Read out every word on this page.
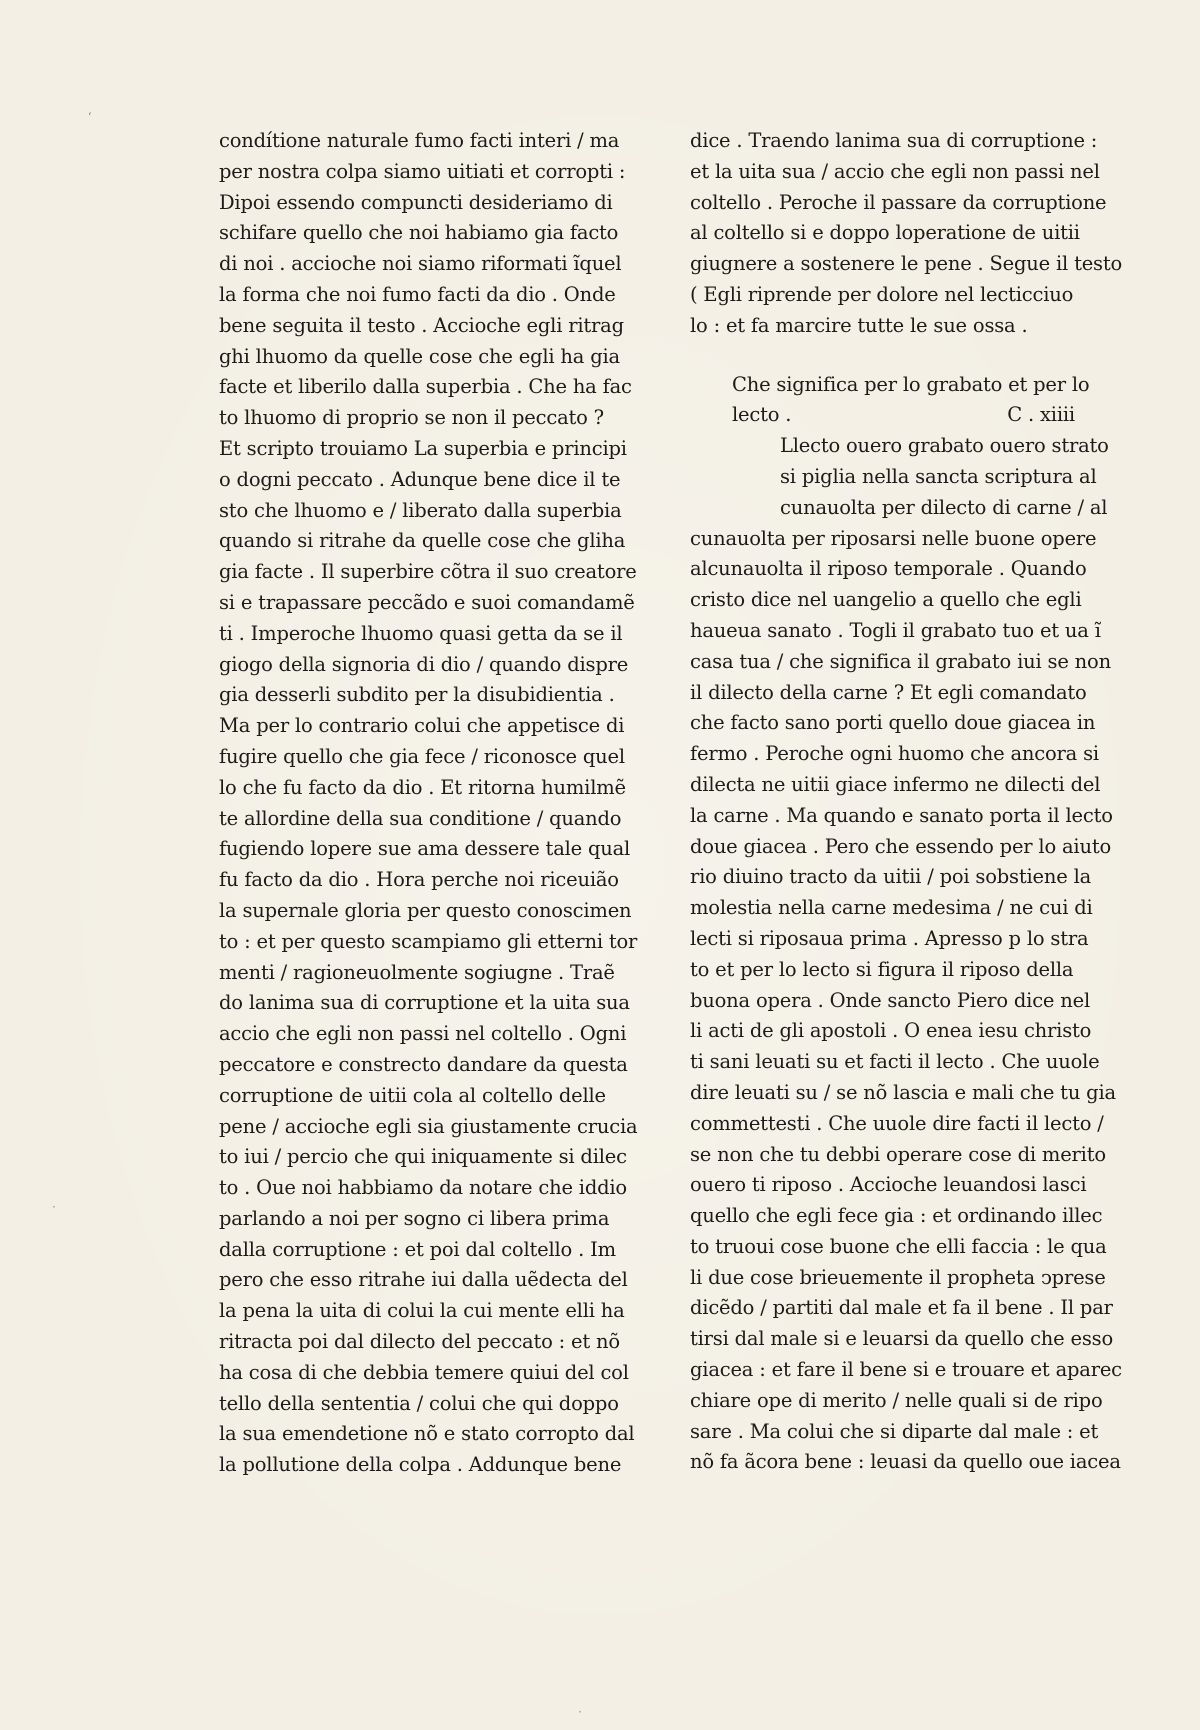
condítione naturale fumo facti interi / ma
per nostra colpa siamo uitiati et corropti :
Dipoi essendo compuncti desideriamo di
schifare quello che noi habiamo gia facto
di noi . accioche noi siamo riformati ĩquel
la forma che noi fumo facti da dio . Onde
bene seguita il testo . Accioche egli ritrag
ghi lhuomo da quelle cose che egli ha gia
facte et liberilo dalla superbia . Che ha fac
to lhuomo di proprio se non il peccato ?
Et scripto trouiamo La superbia e principi
o dogni peccato . Adunque bene dice il te
sto che lhuomo e / liberato dalla superbia
quando si ritrahe da quelle cose che gliha
gia facte . Il superbire cõtra il suo creatore
si e trapassare peccãdo e suoi comandamẽ
ti . Imperoche lhuomo quasi getta da se il
giogo della signoria di dio / quando dispre
gia desserli subdito per la disubidientia .
Ma per lo contrario colui che appetisce di
fugire quello che gia fece / riconosce quel
lo che fu facto da dio . Et ritorna humilmẽ
te allordine della sua conditione / quando
fugiendo lopere sue ama dessere tale qual
fu facto da dio . Hora perche noi riceuião
la supernale gloria per questo conoscimen
to : et per questo scampiamo gli etterni tor
menti / ragioneuolmente sogiugne . Traẽ
do lanima sua di corruptione et la uita sua
accio che egli non passi nel coltello . Ogni
peccatore e constrecto dandare da questa
corruptione de uitii cola al coltello delle
pene / accioche egli sia giustamente crucia
to iui / percio che qui iniquamente si dilec
to . Oue noi habbiamo da notare che iddio
parlando a noi per sogno ci libera prima
dalla corruptione : et poi dal coltello . Im
pero che esso ritrahe iui dalla uẽdecta del
la pena la uita di colui la cui mente elli ha
ritracta poi dal dilecto del peccato : et nõ
ha cosa di che debbia temere quiui del col
tello della sententia / colui che qui doppo
la sua emendetione nõ e stato corropto dal
la pollutione della colpa . Addunque bene
dice . Traendo lanima sua di corruptione :
et la uita sua / accio che egli non passi nel
coltello . Peroche il passare da corruptione
al coltello si e doppo loperatione de uitii
giugnere a sostenere le pene . Segue il testo
( Egli riprende per dolore nel lecticciuo
lo : et fa marcire tutte le sue ossa .
Che significa per lo grabato et per lo
lecto .	C . xiiii
Llecto ouero grabato ouero strato
si piglia nella sancta scriptura al
cunauolta per dilecto di carne / al
cunauolta per riposarsi nelle buone opere
alcunauolta il riposo temporale . Quando
cristo dice nel uangelio a quello che egli
haueua sanato . Togli il grabato tuo et ua ĩ
casa tua / che significa il grabato iui se non
il dilecto della carne ? Et egli comandato
che facto sano porti quello doue giacea in
fermo . Peroche ogni huomo che ancora si
dilecta ne uitii giace infermo ne dilecti del
la carne . Ma quando e sanato porta il lecto
doue giacea . Pero che essendo per lo aiuto
rio diuino tracto da uitii / poi sobstiene la
molestia nella carne medesima / ne cui di
lecti si riposaua prima . Apresso p lo stra
to et per lo lecto si figura il riposo della
buona opera . Onde sancto Piero dice nel
li acti de gli apostoli . O enea iesu christo
ti sani leuati su et facti il lecto . Che uuole
dire leuati su / se nõ lascia e mali che tu gia
commettesti . Che uuole dire facti il lecto /
se non che tu debbi operare cose di merito
ouero ti riposo . Accioche leuandosi lasci
quello che egli fece gia : et ordinando illec
to truoui cose buone che elli faccia : le qua
li due cose brieuemente il propheta ↄprese
dicẽdo / partiti dal male et fa il bene . Il par
tirsi dal male si e leuarsi da quello che esso
giacea : et fare il bene si e trouare et aparec
chiare ope di merito / nelle quali si de ripo
sare . Ma colui che si diparte dal male : et
nõ fa ãcora bene : leuasi da quello oue iacea
‘
·
·
